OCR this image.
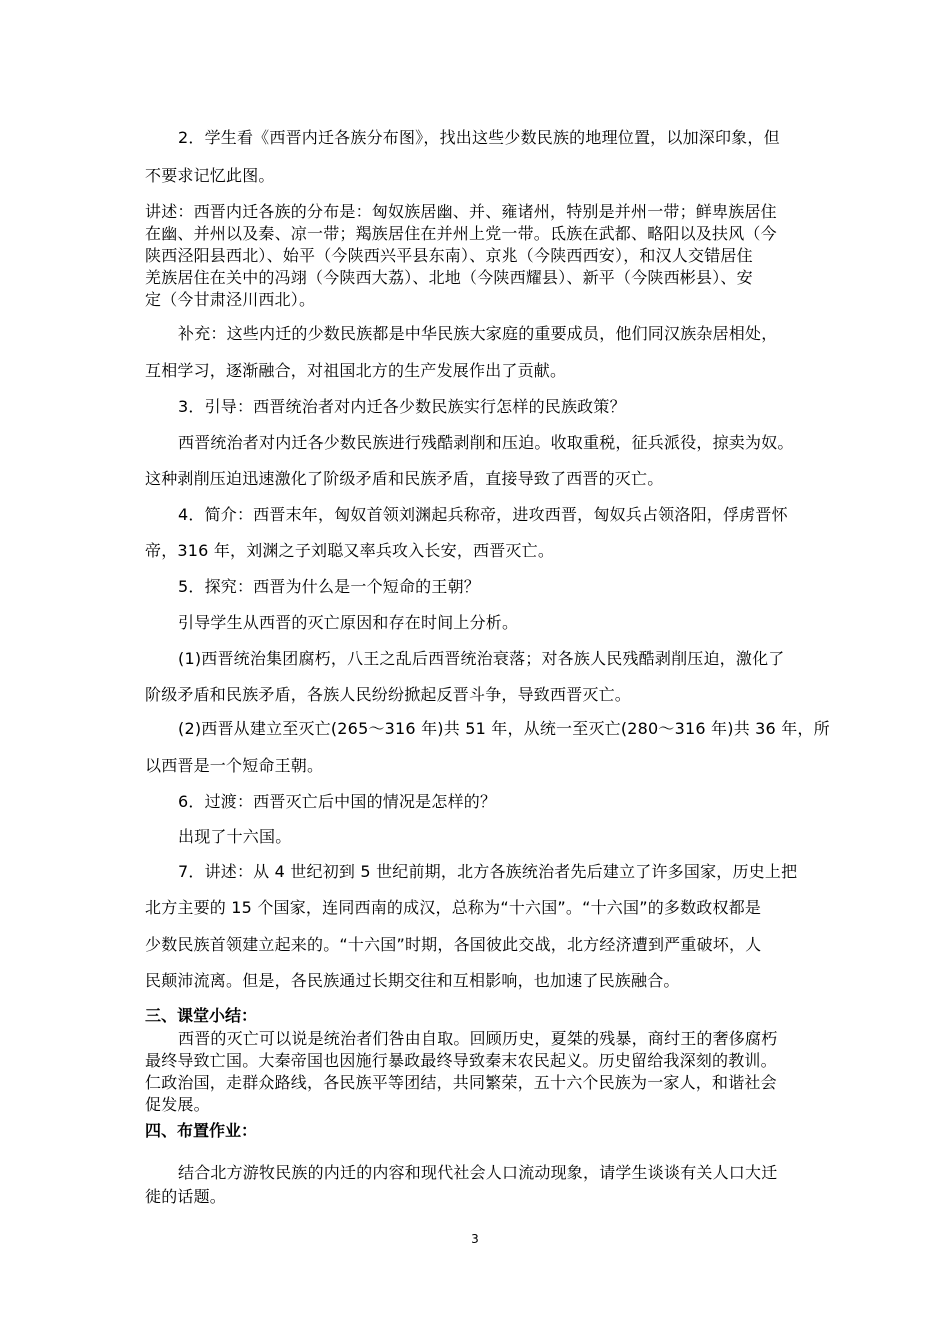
2．学生看《西晋内迁各族分布图》，找出这些少数民族的地理位置，以加深印象，但
不要求记忆此图。
讲述：西晋内迁各族的分布是：匈奴族居幽、并、雍诸州，特别是并州一带；鲜卑族居住
在幽、并州以及秦、凉一带；羯族居住在并州上党一带。氐族在武都、略阳以及扶风（今
陕西泾阳县西北）、始平（今陕西兴平县东南）、京兆（今陕西西安），和汉人交错居住
羌族居住在关中的冯翊（今陕西大荔）、北地（今陕西耀县）、新平（今陕西彬县）、安
定（今甘肃泾川西北）。
补充：这些内迁的少数民族都是中华民族大家庭的重要成员，他们同汉族杂居相处，
互相学习，逐渐融合，对祖国北方的生产发展作出了贡献。
3．引导：西晋统治者对内迁各少数民族实行怎样的民族政策？
西晋统治者对内迁各少数民族进行残酷剥削和压迫。收取重税，征兵派役，掠卖为奴。
这种剥削压迫迅速激化了阶级矛盾和民族矛盾，直接导致了西晋的灭亡。
4．简介：西晋末年，匈奴首领刘渊起兵称帝，进攻西晋，匈奴兵占领洛阳，俘虏晋怀
帝，316 年，刘渊之子刘聪又率兵攻入长安，西晋灭亡。
5．探究：西晋为什么是一个短命的王朝？
引导学生从西晋的灭亡原因和存在时间上分析。
(1)西晋统治集团腐朽，八王之乱后西晋统治衰落；对各族人民残酷剥削压迫，激化了
阶级矛盾和民族矛盾，各族人民纷纷掀起反晋斗争，导致西晋灭亡。
(2)西晋从建立至灭亡(265～316 年)共 51 年，从统一至灭亡(280～316 年)共 36 年，所
以西晋是一个短命王朝。
6．过渡：西晋灭亡后中国的情况是怎样的？
出现了十六国。
7．讲述：从 4 世纪初到 5 世纪前期，北方各族统治者先后建立了许多国家，历史上把
北方主要的 15 个国家，连同西南的成汉，总称为“十六国”。“十六国”的多数政权都是
少数民族首领建立起来的。“十六国”时期，各国彼此交战，北方经济遭到严重破坏，人
民颠沛流离。但是，各民族通过长期交往和互相影响，也加速了民族融合。
三、课堂小结：
西晋的灭亡可以说是统治者们咎由自取。回顾历史，夏桀的残暴，商纣王的奢侈腐朽
最终导致亡国。大秦帝国也因施行暴政最终导致秦末农民起义。历史留给我深刻的教训。
仁政治国，走群众路线，各民族平等团结，共同繁荣，五十六个民族为一家人，和谐社会
促发展。
四、布置作业：
结合北方游牧民族的内迁的内容和现代社会人口流动现象，请学生谈谈有关人口大迁
徙的话题。
3
